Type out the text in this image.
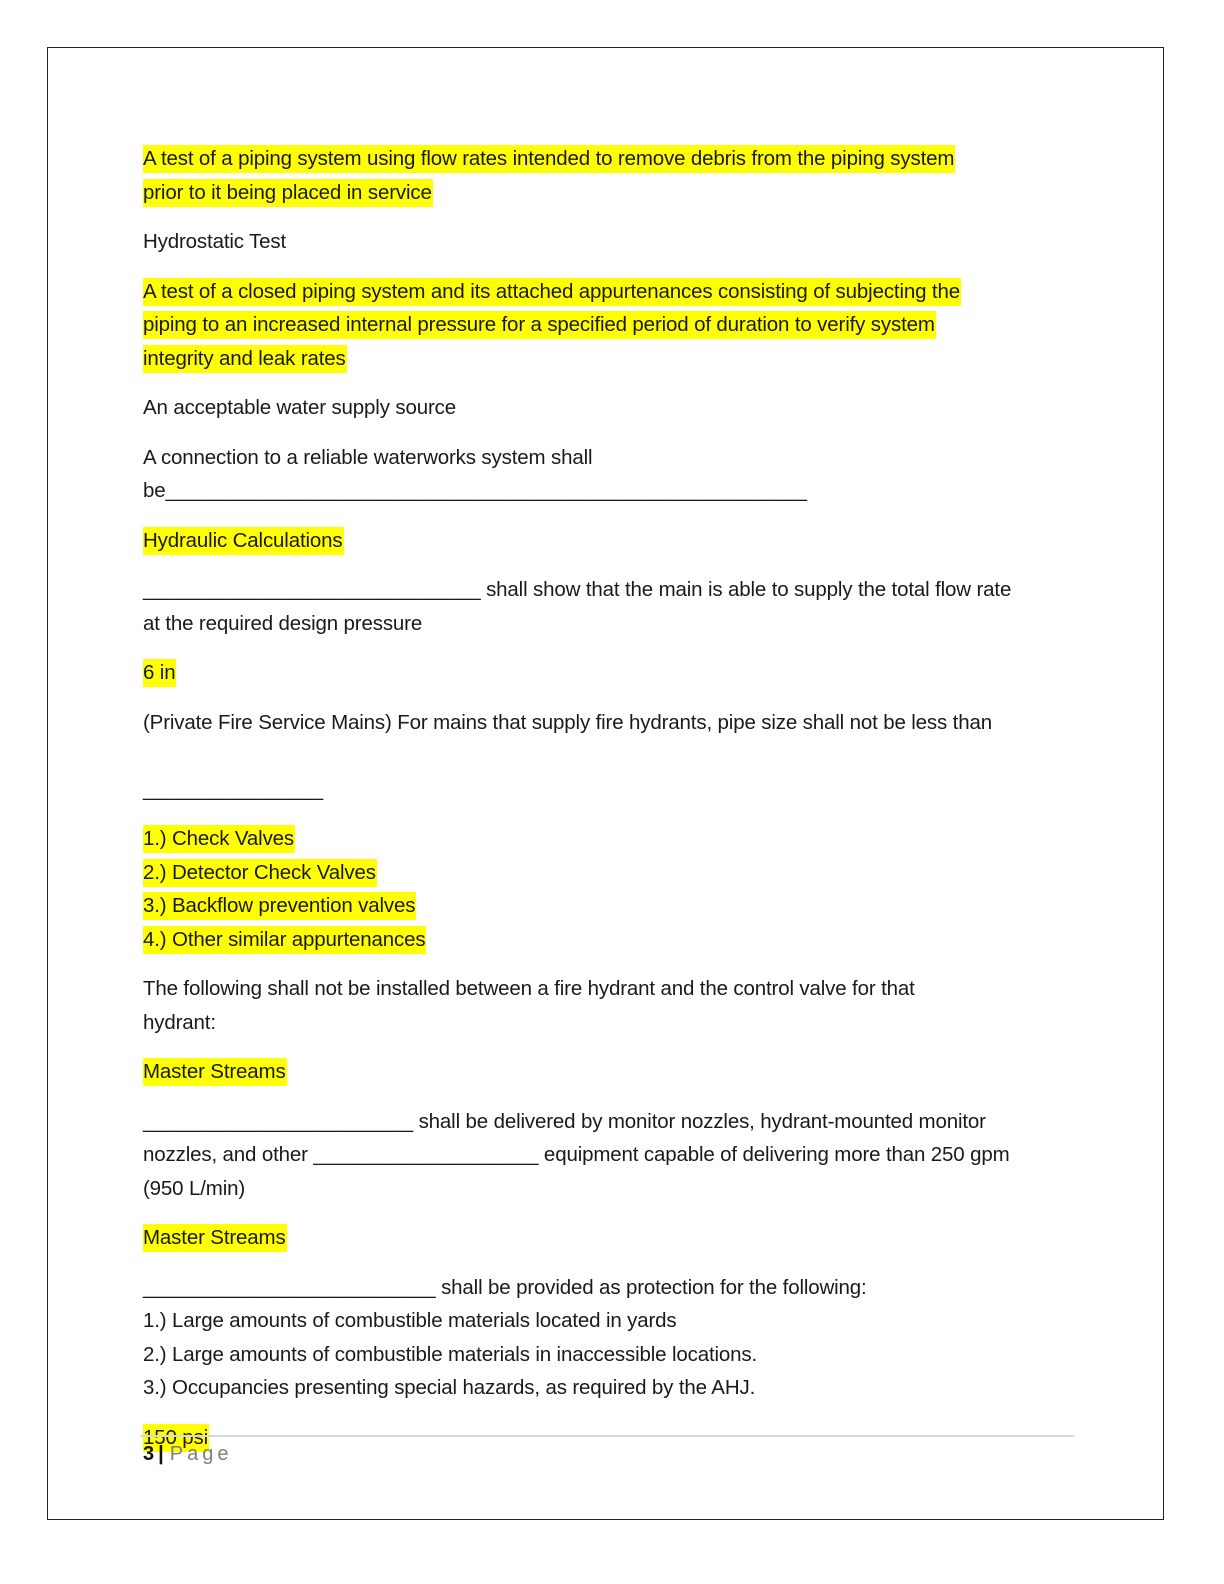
A test of a piping system using flow rates intended to remove debris from the piping system
prior to it being placed in service
Hydrostatic Test
A test of a closed piping system and its attached appurtenances consisting of subjecting the
piping to an increased internal pressure for a specified period of duration to verify system
integrity and leak rates
An acceptable water supply source
A connection to a reliable waterworks system shall
be_________________________________________________________
Hydraulic Calculations
______________________________ shall show that the main is able to supply the total flow rate
at the required design pressure
6 in
(Private Fire Service Mains) For mains that supply fire hydrants, pipe size shall not be less than
________________
1.) Check Valves
2.) Detector Check Valves
3.) Backflow prevention valves
4.) Other similar appurtenances
The following shall not be installed between a fire hydrant and the control valve for that
hydrant:
Master Streams
________________________ shall be delivered by monitor nozzles, hydrant-mounted monitor
nozzles, and other ____________________ equipment capable of delivering more than 250 gpm
(950 L/min)
Master Streams
__________________________ shall be provided as protection for the following:
1.) Large amounts of combustible materials located in yards
2.) Large amounts of combustible materials in inaccessible locations.
3.) Occupancies presenting special hazards, as required by the AHJ.
150 psi
3 | Page
